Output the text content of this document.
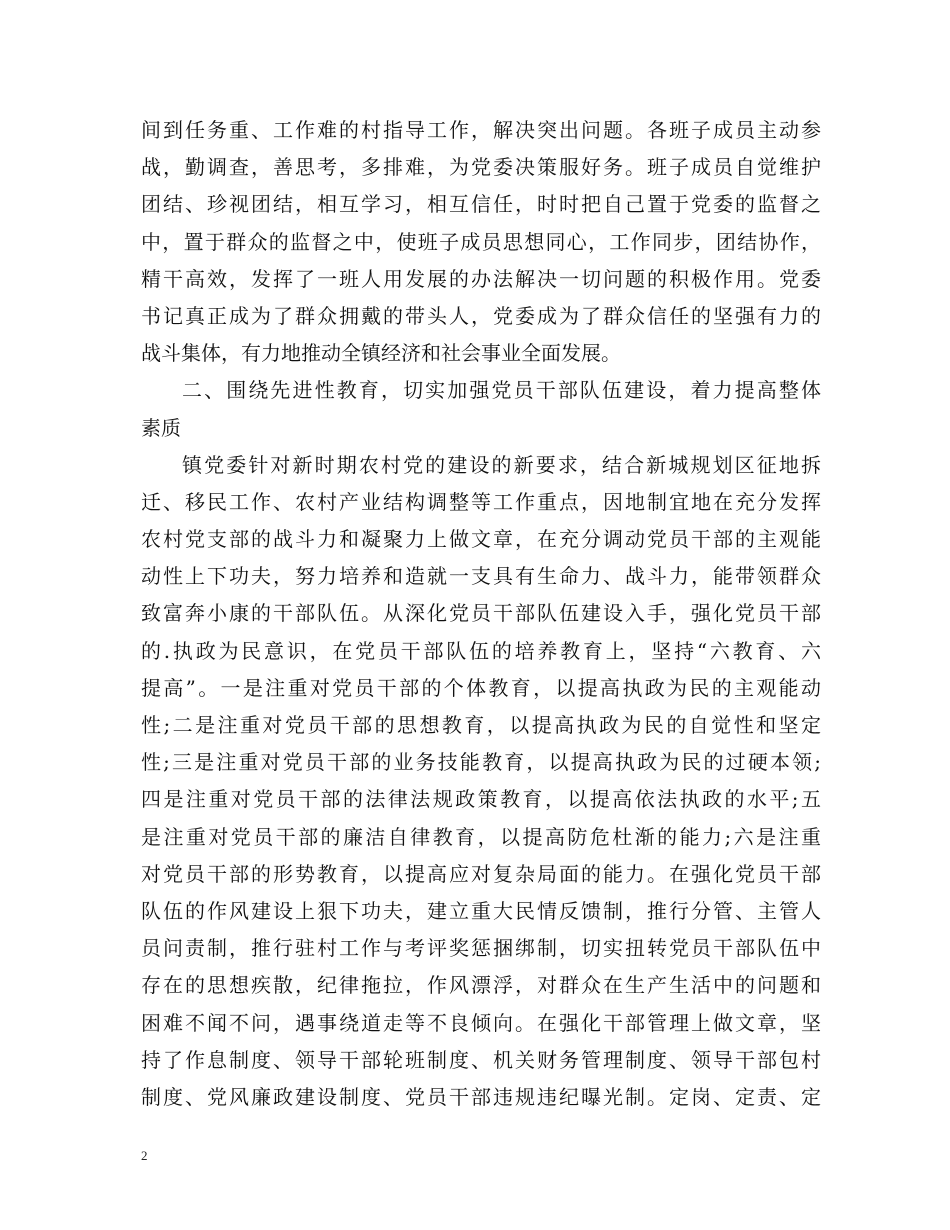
间到任务重、工作难的村指导工作，解决突出问题。各班子成员主动参
战，勤调查，善思考，多排难，为党委决策服好务。班子成员自觉维护
团结、珍视团结，相互学习，相互信任，时时把自己置于党委的监督之
中，置于群众的监督之中，使班子成员思想同心，工作同步，团结协作，
精干高效，发挥了一班人用发展的办法解决一切问题的积极作用。党委
书记真正成为了群众拥戴的带头人，党委成为了群众信任的坚强有力的
战斗集体，有力地推动全镇经济和社会事业全面发展。
二、围绕先进性教育，切实加强党员干部队伍建设，着力提高整体
素质
镇党委针对新时期农村党的建设的新要求，结合新城规划区征地拆
迁、移民工作、农村产业结构调整等工作重点，因地制宜地在充分发挥
农村党支部的战斗力和凝聚力上做文章，在充分调动党员干部的主观能
动性上下功夫，努力培养和造就一支具有生命力、战斗力，能带领群众
致富奔小康的干部队伍。从深化党员干部队伍建设入手，强化党员干部
的.执政为民意识，在党员干部队伍的培养教育上，坚持“六教育、六
提高”。一是注重对党员干部的个体教育，以提高执政为民的主观能动
性;二是注重对党员干部的思想教育，以提高执政为民的自觉性和坚定
性;三是注重对党员干部的业务技能教育，以提高执政为民的过硬本领;
四是注重对党员干部的法律法规政策教育，以提高依法执政的水平;五
是注重对党员干部的廉洁自律教育，以提高防危杜渐的能力;六是注重
对党员干部的形势教育，以提高应对复杂局面的能力。在强化党员干部
队伍的作风建设上狠下功夫，建立重大民情反馈制，推行分管、主管人
员问责制，推行驻村工作与考评奖惩捆绑制，切实扭转党员干部队伍中
存在的思想疾散，纪律拖拉，作风漂浮，对群众在生产生活中的问题和
困难不闻不问，遇事绕道走等不良倾向。在强化干部管理上做文章，坚
持了作息制度、领导干部轮班制度、机关财务管理制度、领导干部包村
制度、党风廉政建设制度、党员干部违规违纪曝光制。定岗、定责、定
2
